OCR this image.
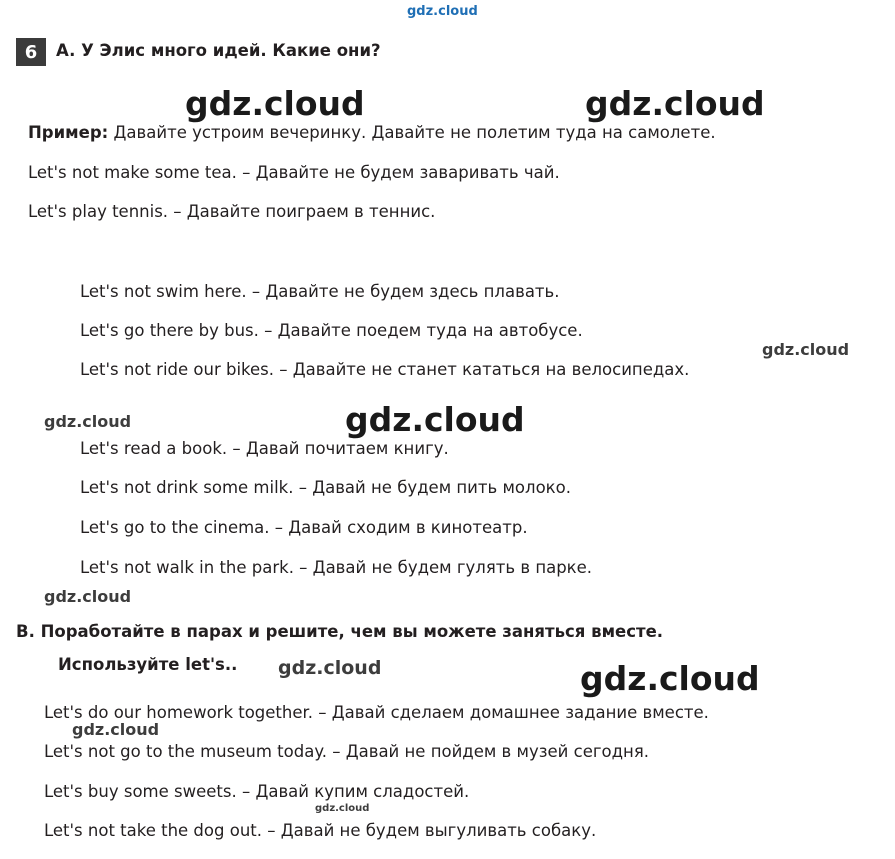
6	A. У Элис много идей. Какие они?
Пример: Давайте устроим вечеринку. Давайте не полетим туда на самолете.
Let's not make some tea. – Давайте не будем заваривать чай.
Let's play tennis. – Давайте поиграем в теннис.
Let's not swim here. – Давайте не будем здесь плавать.
Let's go there by bus. – Давайте поедем туда на автобусе.
Let's not ride our bikes. – Давайте не станет кататься на велосипедах.
Let's read a book. – Давай почитаем книгу.
Let's not drink some milk. – Давай не будем пить молоко.
Let's go to the cinema. – Давай сходим в кинотеатр.
Let's not walk in the park. – Давай не будем гулять в парке.
B. Поработайте в парах и решите, чем вы можете заняться вместе.
Используйте let's..
Let's do our homework together. – Давай сделаем домашнее задание вместе.
Let's not go to the museum today. – Давай не пойдем в музей сегодня.
Let's buy some sweets. – Давай купим сладостей.
Let's not take the dog out. – Давай не будем выгуливать собаку.
gdz.cloud
gdz.cloud	gdz.cloud
gdz.cloud
gdz.cloud	gdz.cloud
gdz.cloud
gdz.cloud	gdz.cloud
gdz.cloud
gdz.cloud
